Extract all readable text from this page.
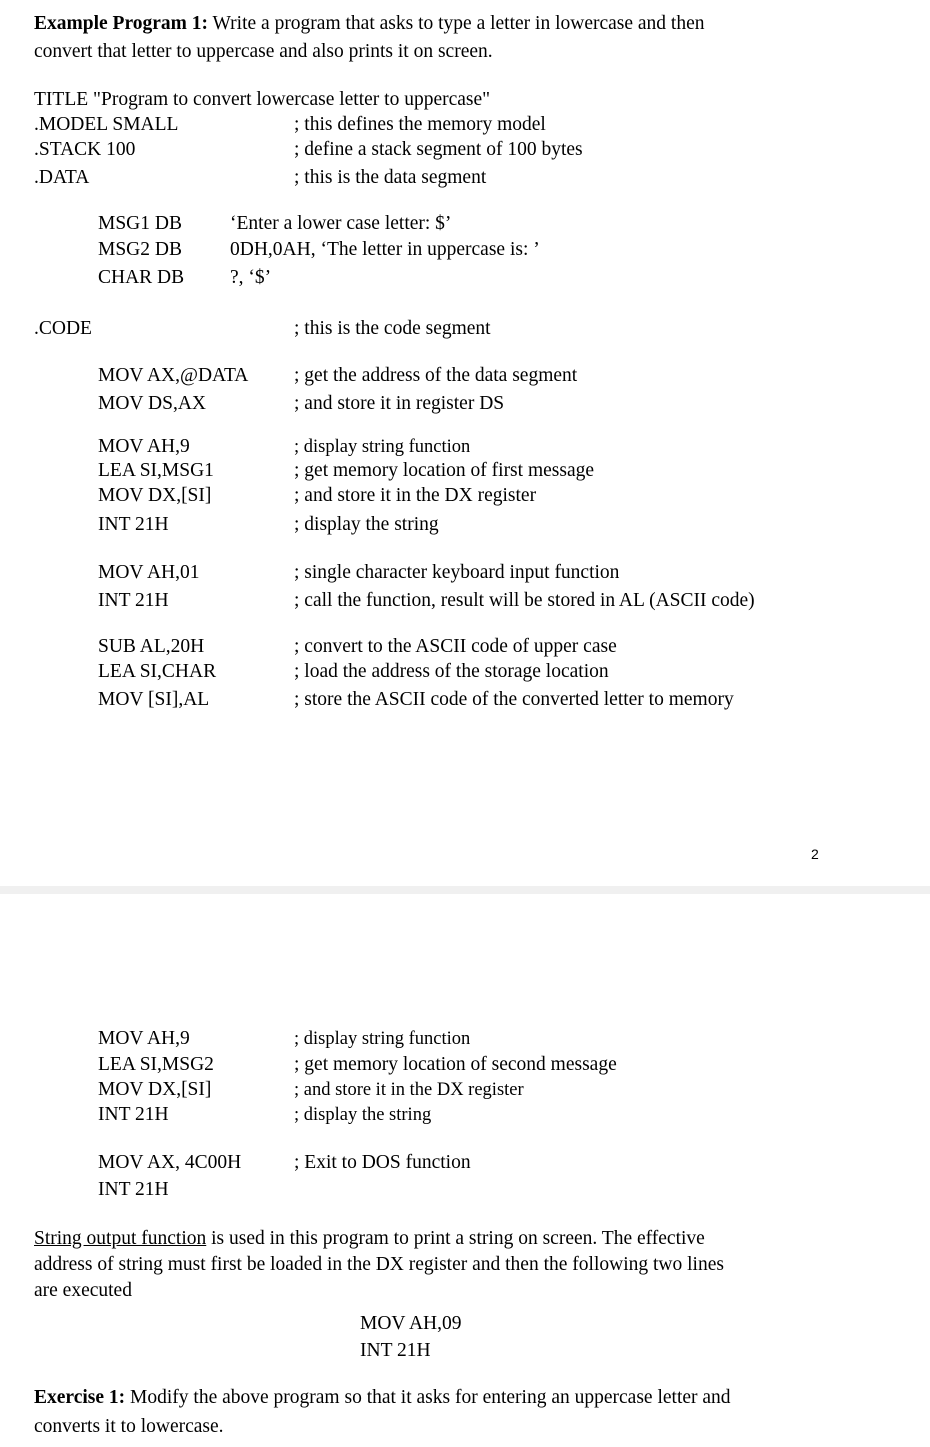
Example Program 1: Write a program that asks to type a letter in lowercase and then
convert that letter to uppercase and also prints it on screen.
TITLE "Program to convert lowercase letter to uppercase"
.MODEL SMALL	; this defines the memory model
.STACK 100	; define a stack segment of 100 bytes
.DATA	; this is the data segment
MSG1 DB ‘Enter a lower case letter: $’
MSG2 DB 0DH,0AH, ‘The letter in uppercase is: ’
CHAR DB ?, ‘$’
.CODE	; this is the code segment
MOV AX,@DATA ; get the address of the data segment
MOV DS,AX	; and store it in register DS
MOV AH,9	; display string function
LEA SI,MSG1	; get memory location of first message
MOV DX,[SI]	; and store it in the DX register
INT 21H	; display the string
MOV AH,01	; single character keyboard input function
INT 21H	; call the function, result will be stored in AL (ASCII code)
SUB AL,20H	; convert to the ASCII code of upper case
LEA SI,CHAR	; load the address of the storage location
MOV [SI],AL	; store the ASCII code of the converted letter to memory
2
MOV AH,9	; display string function
LEA SI,MSG2	; get memory location of second message
MOV DX,[SI]	; and store it in the DX register
INT 21H	; display the string
MOV AX, 4C00H	; Exit to DOS function
INT 21H
String output function is used in this program to print a string on screen. The effective
address of string must first be loaded in the DX register and then the following two lines
are executed
MOV AH,09
INT 21H
Exercise 1: Modify the above program so that it asks for entering an uppercase letter and
converts it to lowercase.
